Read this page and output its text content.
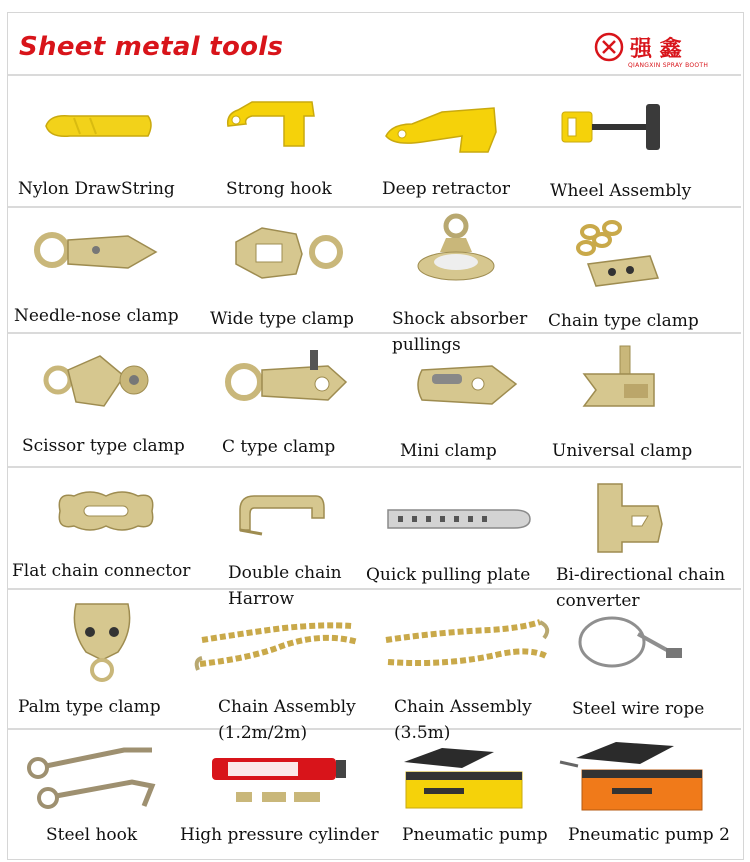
Sheet metal tools	强 鑫
QIANGXIN SPRAY BOOTH
Nylon DrawString	Strong hook	Deep retractor Wheel Assembly
Needle-nose clamp Wide type clamp Shock absorber pullings
Chain type clamp
Scissor type clamp C type clamp	Mini clamp	Universal clamp
Flat chain connector Double chain Harrow
Quick pulling plate Bi-directional chain converter
Palm type clamp	Chain Assembly (1.2m/2m)
Chain Assembly (3.5m)
Steel wire rope
Steel hook	High pressure cylinder Pneumatic pump Pneumatic pump 2
